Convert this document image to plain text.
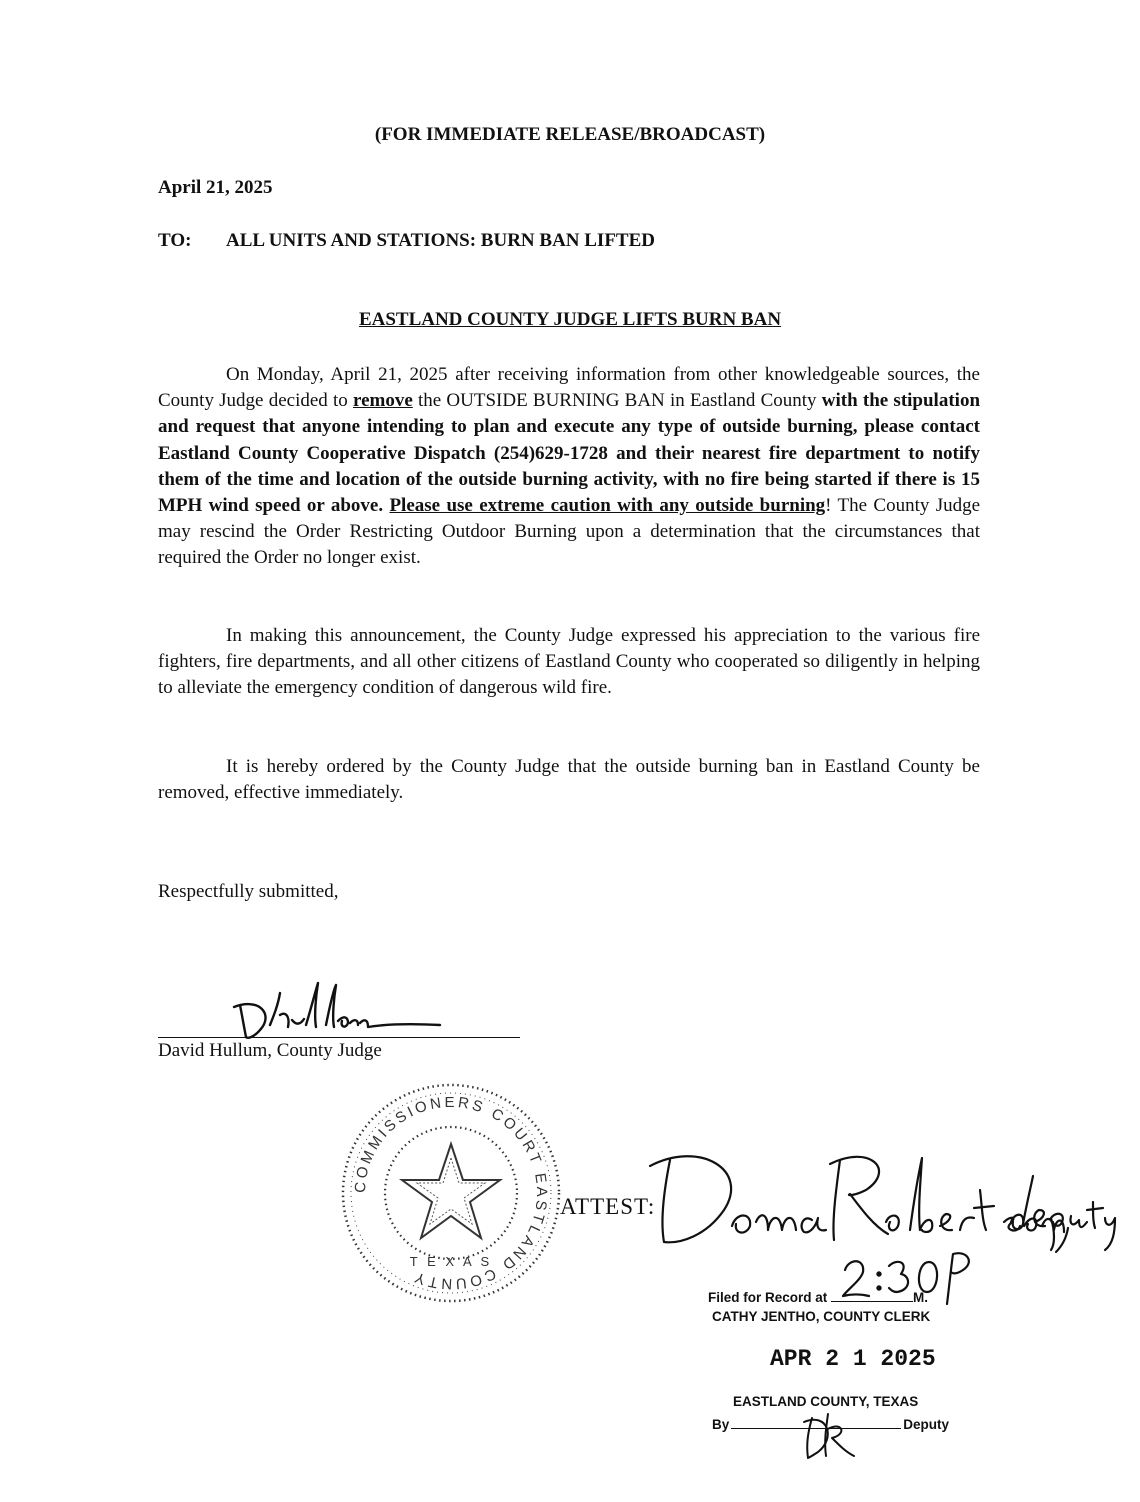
(FOR IMMEDIATE RELEASE/BROADCAST)
April 21, 2025
TO: ALL UNITS AND STATIONS: BURN BAN LIFTED
EASTLAND COUNTY JUDGE LIFTS BURN BAN
On Monday, April 21, 2025 after receiving information from other knowledgeable sources, the County Judge decided to remove the OUTSIDE BURNING BAN in Eastland County with the stipulation and request that anyone intending to plan and execute any type of outside burning, please contact Eastland County Cooperative Dispatch (254)629-1728 and their nearest fire department to notify them of the time and location of the outside burning activity, with no fire being started if there is 15 MPH wind speed or above. Please use extreme caution with any outside burning! The County Judge may rescind the Order Restricting Outdoor Burning upon a determination that the circumstances that required the Order no longer exist.
In making this announcement, the County Judge expressed his appreciation to the various fire fighters, fire departments, and all other citizens of Eastland County who cooperated so diligently in helping to alleviate the emergency condition of dangerous wild fire.
It is hereby ordered by the County Judge that the outside burning ban in Eastland County be removed, effective immediately.
Respectfully submitted,
David Hullum, County Judge
COMMISSIONERS COURT EASTLAND COUNTY
T E X A S
ATTEST:
Filed for Record at	M.
CATHY JENTHO, COUNTY CLERK
APR 2 1 2025
EASTLAND COUNTY, TEXAS
By	Deputy
